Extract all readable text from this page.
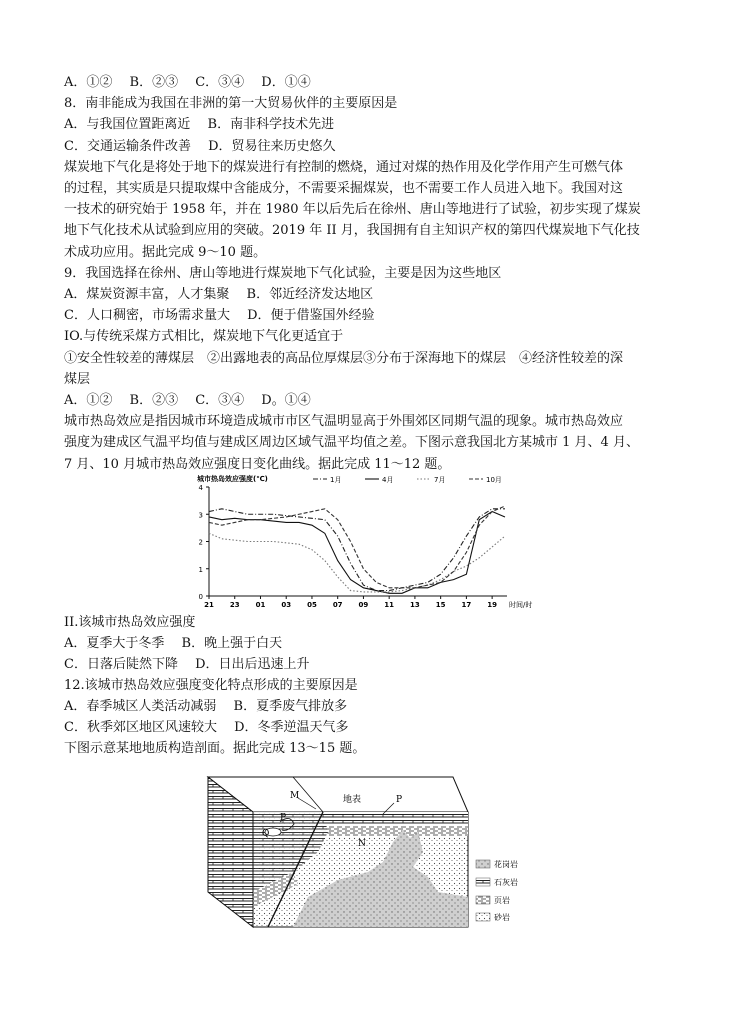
A．①②　 B．②③　 C．③④　 D．①④
8．南非能成为我国在非洲的第一大贸易伙伴的主要原因是
A．与我国位置距离近　 B．南非科学技术先进
C．交通运输条件改善　 D．贸易往来历史悠久
煤炭地下气化是将处于地下的煤炭进行有控制的燃烧，通过对煤的热作用及化学作用产生可燃气体
的过程，其实质是只提取煤中含能成分，不需要采掘煤炭，也不需要工作人员进入地下。我国对这
一技术的研究始于 1958 年，并在 1980 年以后先后在徐州、唐山等地进行了试验，初步实现了煤炭
地下气化技术从试验到应用的突破。2019 年 II 月，我国拥有自主知识产权的第四代煤炭地下气化技
术成功应用。据此完成 9～10 题。
9．我国选择在徐州、唐山等地进行煤炭地下气化试验，主要是因为这些地区
A．煤炭资源丰富，人才集聚　 B．邻近经济发达地区
C．人口稠密，市场需求量大　 D．便于借鉴国外经验
IO.与传统采煤方式相比，煤炭地下气化更适宜于
①安全性较差的薄煤层　②出露地表的高品位厚煤层③分布于深海地下的煤层　④经济性较差的深
煤层
A．①②　 B．②③　 C．③④　 D。①④
城市热岛效应是指因城市环境造成城市市区气温明显高于外围郊区同期气温的现象。城市热岛效应
强度为建成区气温平均值与建成区周边区域气温平均值之差。下图示意我国北方某城市 1 月、4 月、
7 月、10 月城市热岛效应强度日变化曲线。据此完成 11～12 题。
0
1
2
3
4
21 23 01 03 05 07 09 11 13 15 17 19 时间/时
城市热岛效应强度(℃)	1月	4月	7月	10月
II.该城市热岛效应强度
A．夏季大于冬季　 B．晚上强于白天
C．日落后陡然下降　 D．日出后迅速上升
12.该城市热岛效应强度变化特点形成的主要原因是
A．春季城区人类活动减弱　 B．夏季废气排放多
C．秋季郊区地区风速较大　 D．冬季逆温天气多
下图示意某地地质构造剖面。据此完成 13～15 题。
M
P
Q
地表	P
N
花岗岩
石灰岩
页岩
砂岩
